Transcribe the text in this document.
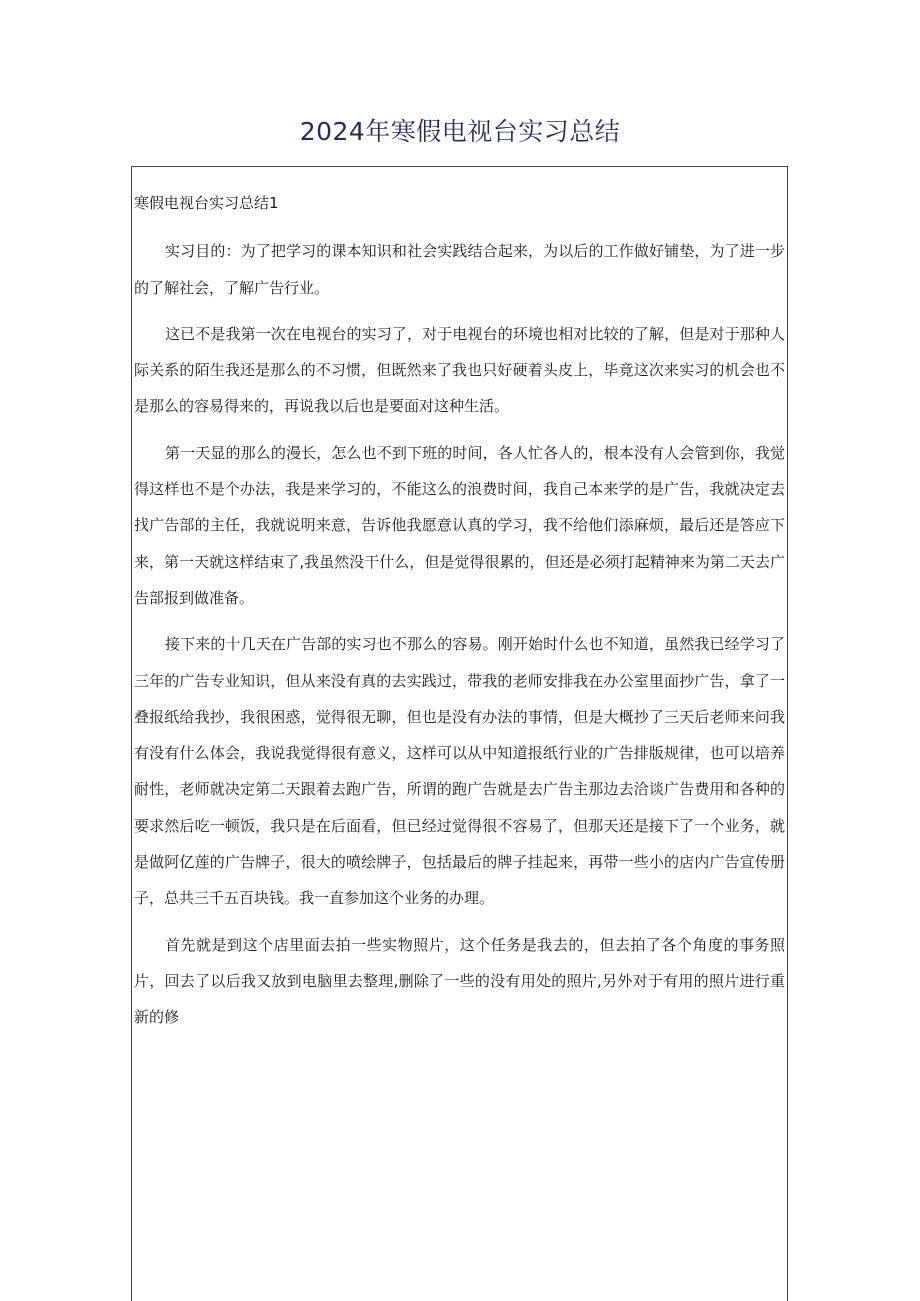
2024年寒假电视台实习总结

寒假电视台实习总结1

实习目的：为了把学习的课本知识和社会实践结合起来，为以后的工作做好铺垫，为了进一步的了解社会，了解广告行业。

这已不是我第一次在电视台的实习了，对于电视台的环境也相对比较的了解，但是对于那种人际关系的陌生我还是那么的不习惯，但既然来了我也只好硬着头皮上，毕竟这次来实习的机会也不是那么的容易得来的，再说我以后也是要面对这种生活。

第一天显的那么的漫长，怎么也不到下班的时间，各人忙各人的，根本没有人会管到你，我觉得这样也不是个办法，我是来学习的，不能这么的浪费时间，我自己本来学的是广告，我就决定去找广告部的主任，我就说明来意，告诉他我愿意认真的学习，我不给他们添麻烦，最后还是答应下来，第一天就这样结束了,我虽然没干什么，但是觉得很累的，但还是必须打起精神来为第二天去广告部报到做准备。

接下来的十几天在广告部的实习也不那么的容易。刚开始时什么也不知道，虽然我已经学习了三年的广告专业知识，但从来没有真的去实践过，带我的老师安排我在办公室里面抄广告，拿了一叠报纸给我抄，我很困惑，觉得很无聊，但也是没有办法的事情，但是大概抄了三天后老师来问我有没有什么体会，我说我觉得很有意义，这样可以从中知道报纸行业的广告排版规律，也可以培养耐性，老师就决定第二天跟着去跑广告，所谓的跑广告就是去广告主那边去洽谈广告费用和各种的要求然后吃一顿饭，我只是在后面看，但已经过觉得很不容易了，但那天还是接下了一个业务，就是做阿亿莲的广告牌子，很大的喷绘牌子，包括最后的牌子挂起来，再带一些小的店内广告宣传册子，总共三千五百块钱。我一直参加这个业务的办理。

首先就是到这个店里面去拍一些实物照片，这个任务是我去的，但去拍了各个角度的事务照片，回去了以后我又放到电脑里去整理,删除了一些的没有用处的照片,另外对于有用的照片进行重新的修
